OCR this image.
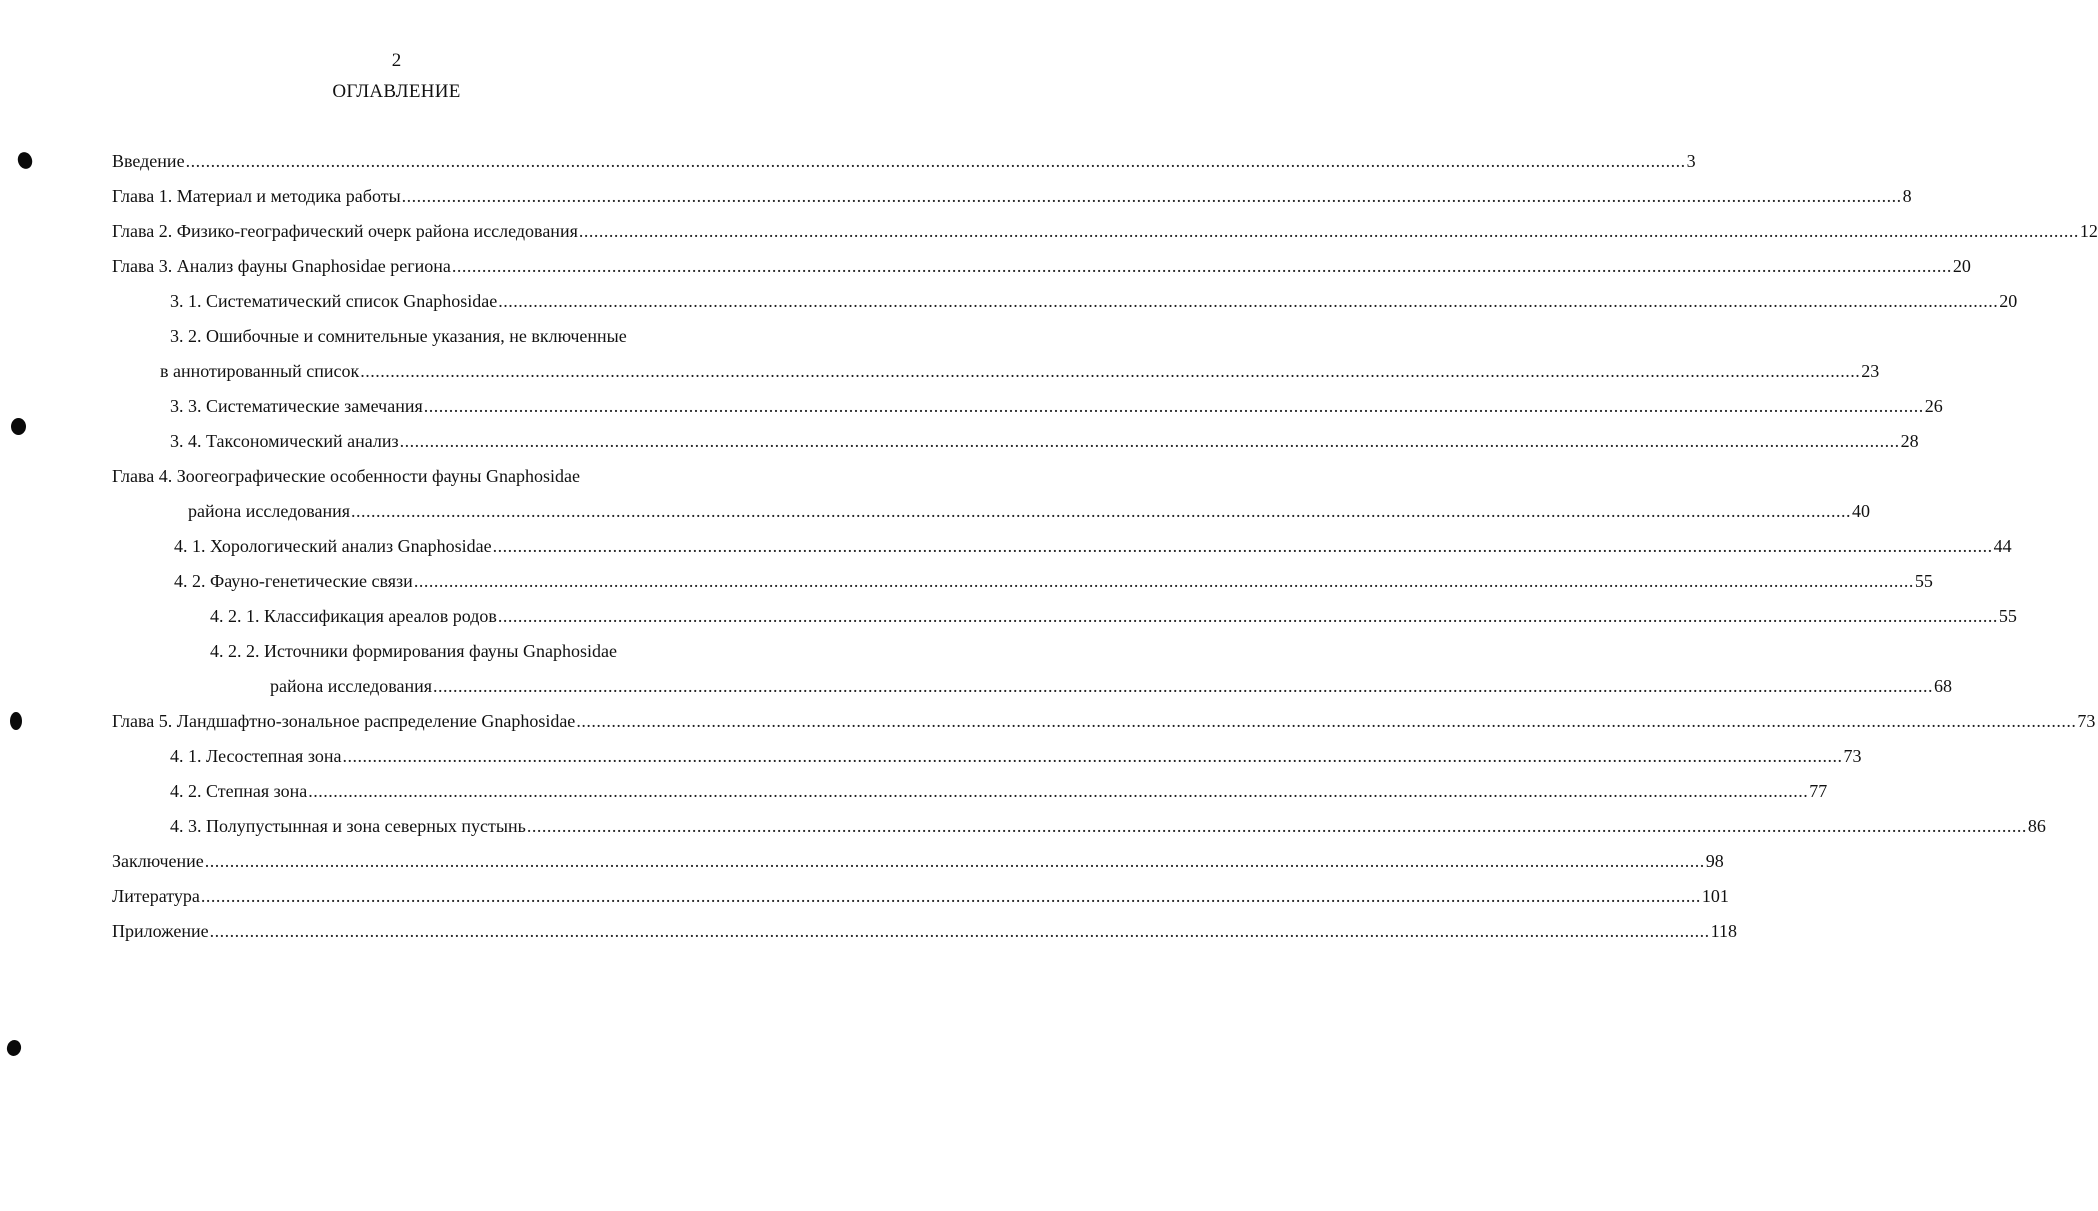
2
ОГЛАВЛЕНИЕ
Введение ............................................................................................................................................................................................................................................................................................................ 3
Глава 1. Материал и методика работы ............................................................................................................................................................................................................................................................................................................ 8
Глава 2. Физико-географический очерк района исследования ............................................................................................................................................................................................................................................................................................................ 12
Глава 3. Анализ фауны Gnaphosidae региона ............................................................................................................................................................................................................................................................................................................ 20
3. 1. Систематический список Gnaphosidae ............................................................................................................................................................................................................................................................................................................ 20
3. 2. Ошибочные и сомнительные указания, не включенные
в аннотированный список ............................................................................................................................................................................................................................................................................................................ 23
3. 3. Систематические замечания ............................................................................................................................................................................................................................................................................................................ 26
3. 4. Таксономический анализ ............................................................................................................................................................................................................................................................................................................ 28
Глава 4. Зоогеографические особенности фауны Gnaphosidae
района исследования ............................................................................................................................................................................................................................................................................................................ 40
4. 1. Хорологический анализ Gnaphosidae ............................................................................................................................................................................................................................................................................................................ 44
4. 2. Фауно-генетические связи ............................................................................................................................................................................................................................................................................................................ 55
4. 2. 1. Классификация ареалов родов ............................................................................................................................................................................................................................................................................................................ 55
4. 2. 2. Источники формирования фауны Gnaphosidae
района исследования ............................................................................................................................................................................................................................................................................................................ 68
Глава 5. Ландшафтно-зональное распределение Gnaphosidae ............................................................................................................................................................................................................................................................................................................ 73
4. 1. Лесостепная зона ............................................................................................................................................................................................................................................................................................................ 73
4. 2. Степная зона ............................................................................................................................................................................................................................................................................................................ 77
4. 3. Полупустынная и зона северных пустынь ............................................................................................................................................................................................................................................................................................................ 86
Заключение ............................................................................................................................................................................................................................................................................................................ 98
Литература ............................................................................................................................................................................................................................................................................................................ 101
Приложение ............................................................................................................................................................................................................................................................................................................ 118
